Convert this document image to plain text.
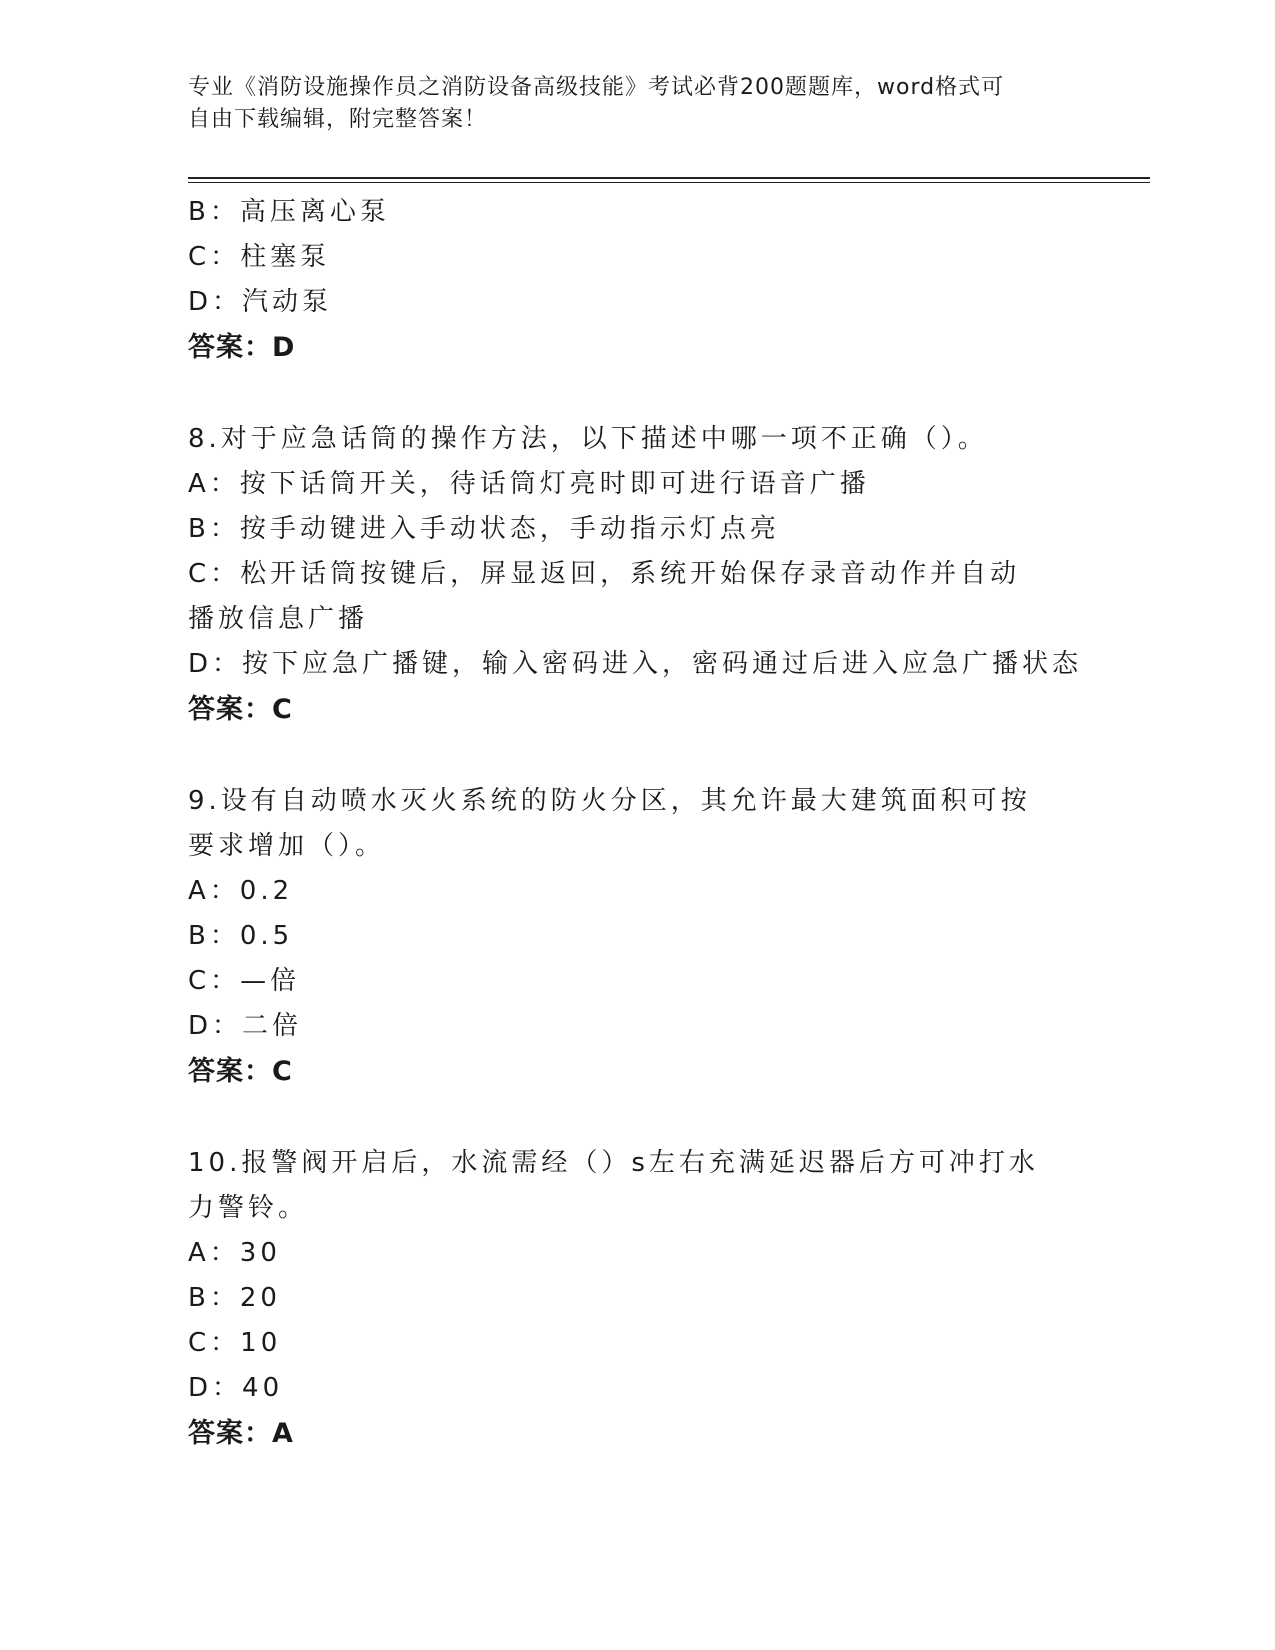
专业《消防设施操作员之消防设备高级技能》考试必背200题题库，word格式可
自由下载编辑，附完整答案！
B：高压离心泵
C：柱塞泵
D：汽动泵
答案：D
8.对于应急话筒的操作方法，以下描述中哪一项不正确（）。
A：按下话筒开关，待话筒灯亮时即可进行语音广播
B：按手动键进入手动状态，手动指示灯点亮
C：松开话筒按键后，屏显返回，系统开始保存录音动作并自动播放信息广播
D：按下应急广播键，输入密码进入，密码通过后进入应急广播状态
答案：C
9.设有自动喷水灭火系统的防火分区，其允许最大建筑面积可按要求增加（）。
A：0.2
B：0.5
C：—倍
D：二倍
答案：C
10.报警阀开启后，水流需经（）s左右充满延迟器后方可冲打水力警铃。
A：30
B：20
C：10
D：40
答案：A
